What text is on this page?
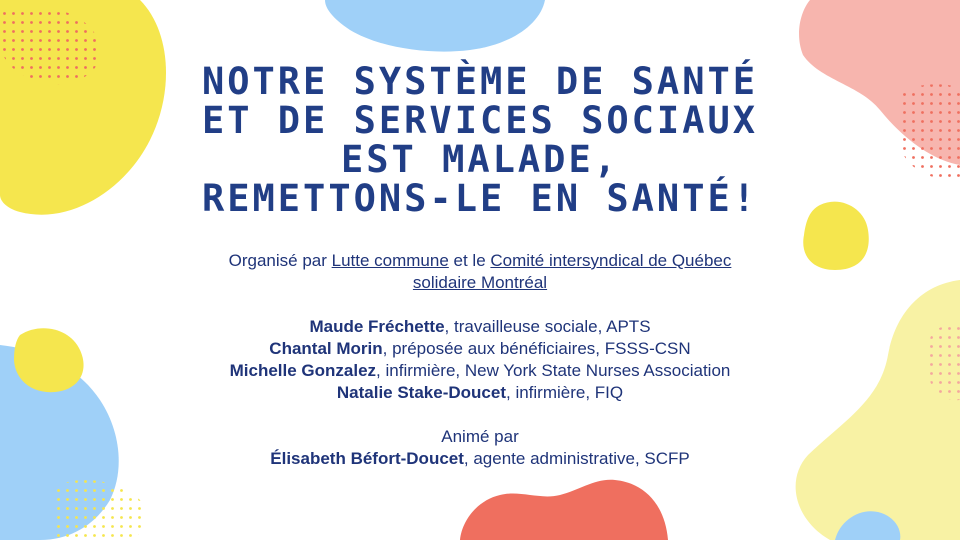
NOTRE SYSTÈME DE SANTÉ
ET DE SERVICES SOCIAUX
EST MALADE,
REMETTONS-LE EN SANTÉ!
Organisé par Lutte commune et le Comité intersyndical de Québec
solidaire Montréal
Maude Fréchette, travailleuse sociale, APTS
Chantal Morin, préposée aux bénéficiaires, FSSS-CSN
Michelle Gonzalez, infirmière, New York State Nurses Association
Natalie Stake-Doucet, infirmière, FIQ
Animé par
Élisabeth Béfort-Doucet, agente administrative, SCFP
